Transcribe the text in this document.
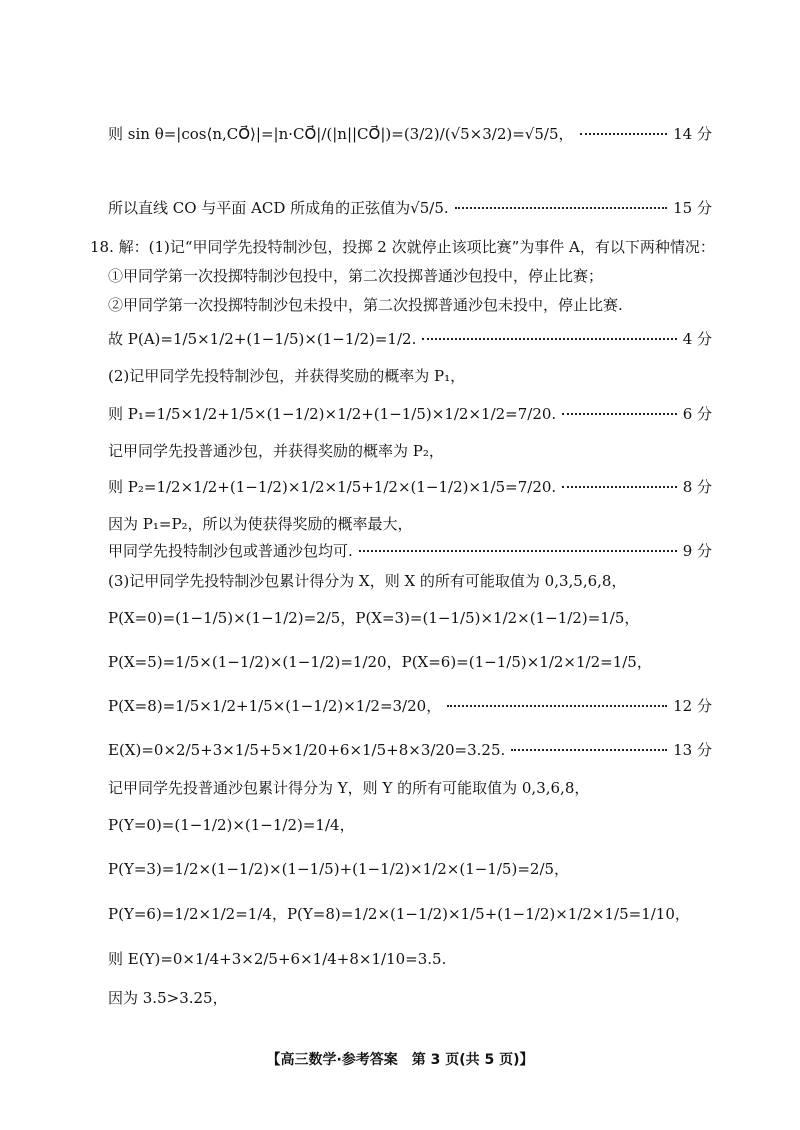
【高三数学·参考答案　第 3 页(共 5 页)】
则 sin θ=|cos⟨n,CO⃗⟩|=|n·CO⃗|/(|n||CO⃗|)=(3/2)/(√5×3/2)=√5/5，	14 分
所以直线 CO 与平面 ACD 所成角的正弦值为√5/5.	15 分
18. 解：(1)记“甲同学先投特制沙包，投掷 2 次就停止该项比赛”为事件 A，有以下两种情况：
①甲同学第一次投掷特制沙包投中，第二次投掷普通沙包投中，停止比赛；
②甲同学第一次投掷特制沙包未投中，第二次投掷普通沙包未投中，停止比赛.
故 P(A)=1/5×1/2+(1−1/5)×(1−1/2)=1/2.	4 分
(2)记甲同学先投特制沙包，并获得奖励的概率为 P₁，
则 P₁=1/5×1/2+1/5×(1−1/2)×1/2+(1−1/5)×1/2×1/2=7/20.	6 分
记甲同学先投普通沙包，并获得奖励的概率为 P₂，
则 P₂=1/2×1/2+(1−1/2)×1/2×1/5+1/2×(1−1/2)×1/5=7/20.	8 分
因为 P₁=P₂，所以为使获得奖励的概率最大，
甲同学先投特制沙包或普通沙包均可.	9 分
(3)记甲同学先投特制沙包累计得分为 X，则 X 的所有可能取值为 0,3,5,6,8，
P(X=0)=(1−1/5)×(1−1/2)=2/5，P(X=3)=(1−1/5)×1/2×(1−1/2)=1/5，
P(X=5)=1/5×(1−1/2)×(1−1/2)=1/20，P(X=6)=(1−1/5)×1/2×1/2=1/5，
P(X=8)=1/5×1/2+1/5×(1−1/2)×1/2=3/20，	12 分
E(X)=0×2/5+3×1/5+5×1/20+6×1/5+8×3/20=3.25.	13 分
记甲同学先投普通沙包累计得分为 Y，则 Y 的所有可能取值为 0,3,6,8，
P(Y=0)=(1−1/2)×(1−1/2)=1/4，
P(Y=3)=1/2×(1−1/2)×(1−1/5)+(1−1/2)×1/2×(1−1/5)=2/5，
P(Y=6)=1/2×1/2=1/4，P(Y=8)=1/2×(1−1/2)×1/5+(1−1/2)×1/2×1/5=1/10，
则 E(Y)=0×1/4+3×2/5+6×1/4+8×1/10=3.5.
因为 3.5>3.25，
